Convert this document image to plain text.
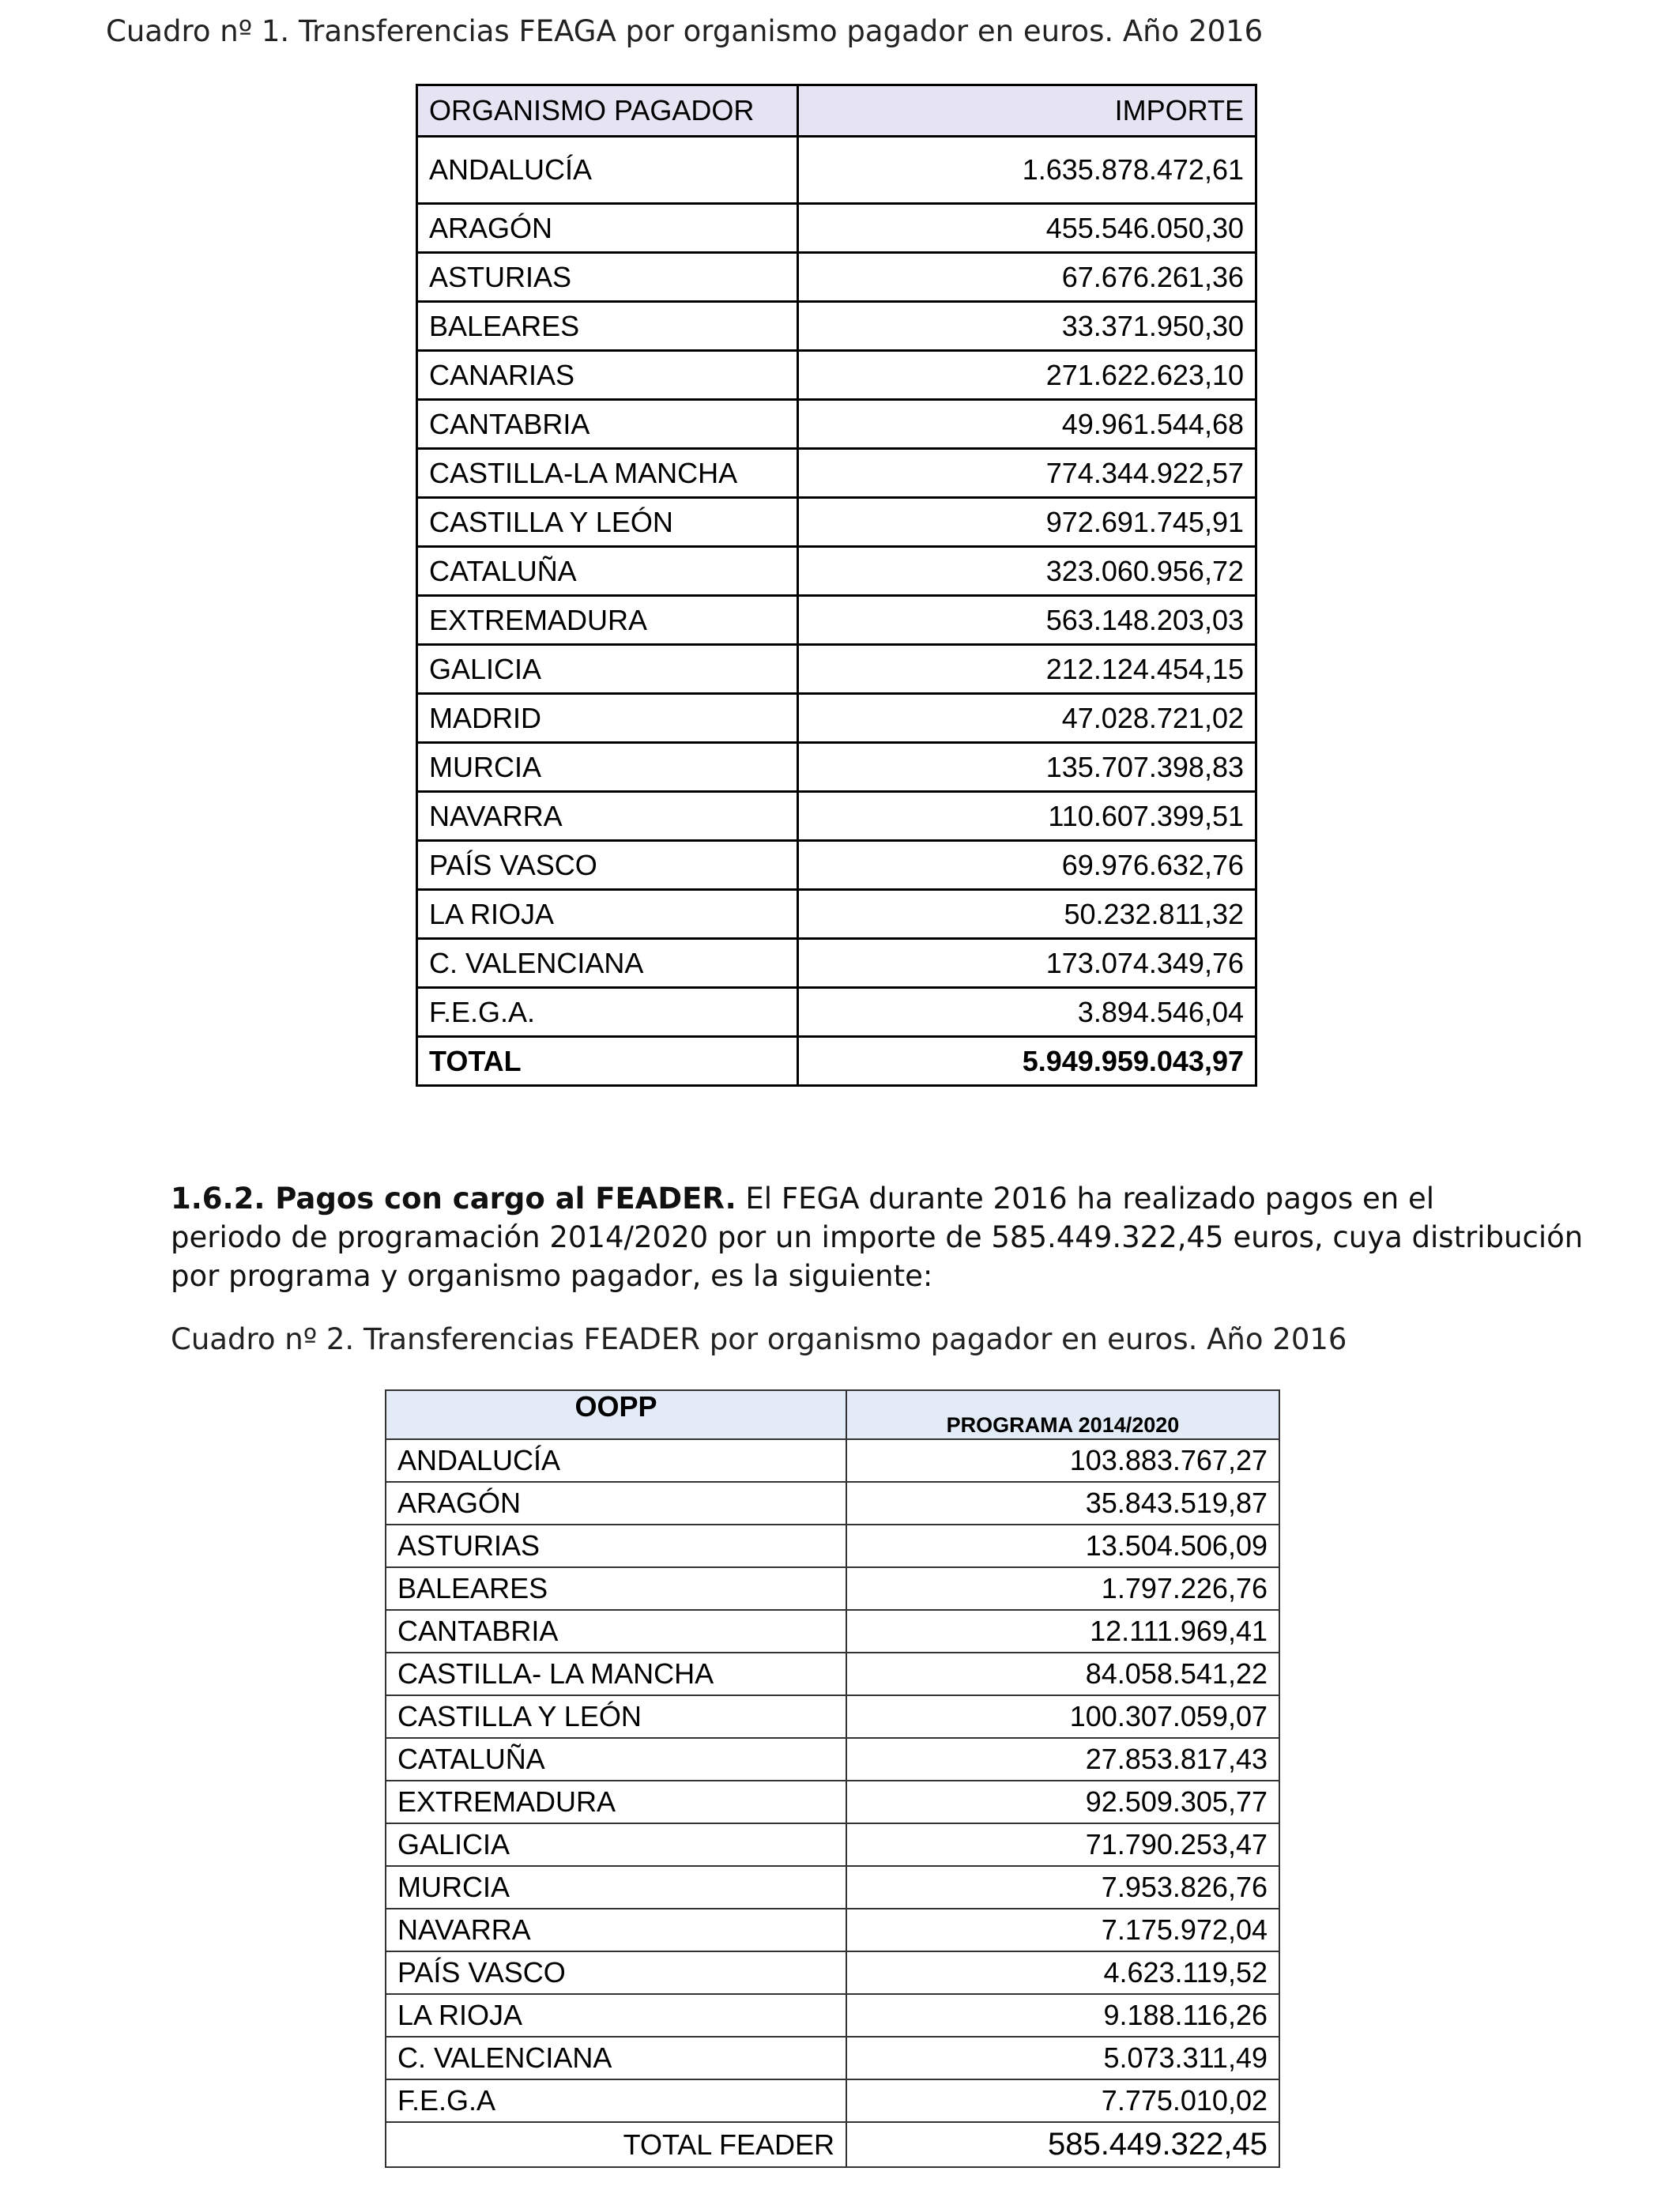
Cuadro nº 1. Transferencias FEAGA por organismo pagador en euros. Año 2016
ORGANISMO PAGADOR	IMPORTE
ANDALUCÍA	1.635.878.472,61
ARAGÓN	455.546.050,30
ASTURIAS	67.676.261,36
BALEARES	33.371.950,30
CANARIAS	271.622.623,10
CANTABRIA	49.961.544,68
CASTILLA-LA MANCHA	774.344.922,57
CASTILLA Y LEÓN	972.691.745,91
CATALUÑA	323.060.956,72
EXTREMADURA	563.148.203,03
GALICIA	212.124.454,15
MADRID	47.028.721,02
MURCIA	135.707.398,83
NAVARRA	110.607.399,51
PAÍS VASCO	69.976.632,76
LA RIOJA	50.232.811,32
C. VALENCIANA	173.074.349,76
F.E.G.A.	3.894.546,04
TOTAL	5.949.959.043,97
1.6.2. Pagos con cargo al FEADER. El FEGA durante 2016 ha realizado pagos en el
periodo de programación 2014/2020 por un importe de 585.449.322,45 euros, cuya distribución
por programa y organismo pagador, es la siguiente:
Cuadro nº 2. Transferencias FEADER por organismo pagador en euros. Año 2016
OOPP	PROGRAMA 2014/2020
ANDALUCÍA	103.883.767,27
ARAGÓN	35.843.519,87
ASTURIAS	13.504.506,09
BALEARES	1.797.226,76
CANTABRIA	12.111.969,41
CASTILLA- LA MANCHA	84.058.541,22
CASTILLA Y LEÓN	100.307.059,07
CATALUÑA	27.853.817,43
EXTREMADURA	92.509.305,77
GALICIA	71.790.253,47
MURCIA	7.953.826,76
NAVARRA	7.175.972,04
PAÍS VASCO	4.623.119,52
LA RIOJA	9.188.116,26
C. VALENCIANA	5.073.311,49
F.E.G.A	7.775.010,02
TOTAL FEADER	585.449.322,45
